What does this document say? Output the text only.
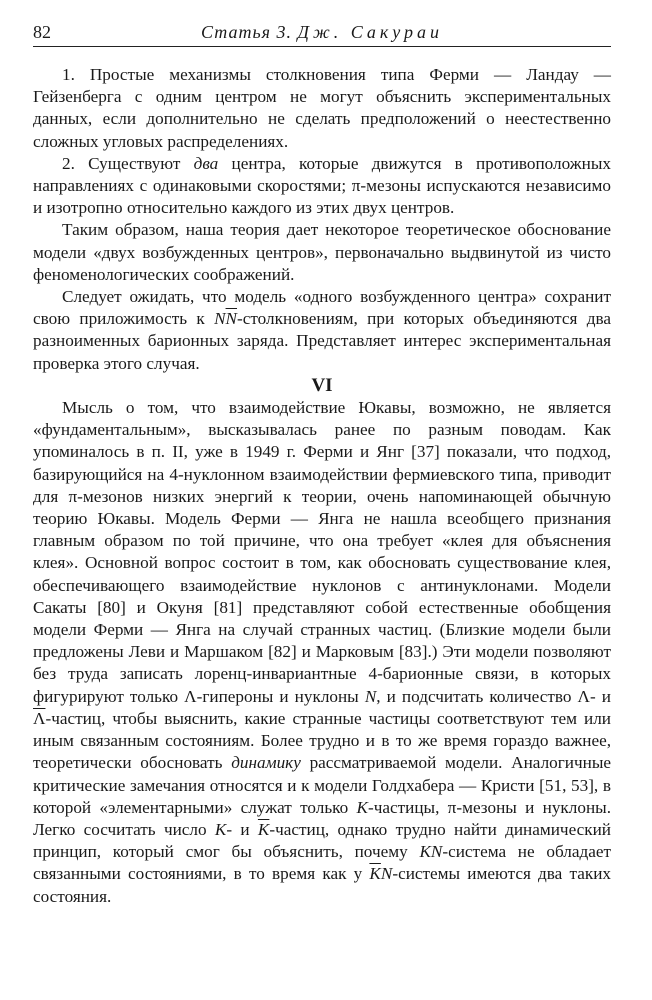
82	Статья 3. Дж. Сакураи

1. Простые механизмы столкновения типа Ферми — Ландау — Гейзенберга с одним центром не могут объяснить экспериментальных данных, если дополнительно не сделать предположений о неестественно сложных угловых распределениях.

2. Существуют два центра, которые движутся в противоположных направлениях с одинаковыми скоростями; π-мезоны испускаются независимо и изотропно относительно каждого из этих двух центров.

Таким образом, наша теория дает некоторое теоретическое обоснование модели «двух возбужденных центров», первоначально выдвинутой из чисто феноменологических соображений.

Следует ожидать, что модель «одного возбужденного центра» сохранит свою приложимость к $N\overline{N}$-столкновениям, при которых объединяются два разноименных барионных заряда. Представляет интерес экспериментальная проверка этого случая.

VI

Мысль о том, что взаимодействие Юкавы, возможно, не является «фундаментальным», высказывалась ранее по разным поводам. Как упоминалось в п. II, уже в 1949 г. Ферми и Янг [37] показали, что подход, базирующийся на 4-нуклонном взаимодействии фермиевского типа, приводит для π-мезонов низких энергий к теории, очень напоминающей обычную теорию Юкавы. Модель Ферми — Янга не нашла всеобщего признания главным образом по той причине, что она требует «клея для объяснения клея». Основной вопрос состоит в том, как обосновать существование клея, обеспечивающего взаимодействие нуклонов с антинуклонами. Модели Сакаты [80] и Окуня [81] представляют собой естественные обобщения модели Ферми — Янга на случай странных частиц. (Близкие модели были предложены Леви и Маршаком [82] и Марковым [83].) Эти модели позволяют без труда записать лоренц-инвариантные 4-барионные связи, в которых фигурируют только Λ-гипероны и нуклоны N, и подсчитать количество Λ- и $\overline{\Lambda}$-частиц, чтобы выяснить, какие странные частицы соответствуют тем или иным связанным состояниям. Более трудно и в то же время гораздо важнее, теоретически обосновать динамику рассматриваемой модели. Аналогичные критические замечания относятся и к модели Голдхабера — Кристи [51, 53], в которой «элементарными» служат только K-частицы, π-мезоны и нуклоны. Легко сосчитать число K- и $\overline{K}$-частиц, однако трудно найти динамический принцип, который смог бы объяснить, почему KN-система не обладает связанными состояниями, в то время как у $\overline{K}N$-системы имеются два таких состояния.
